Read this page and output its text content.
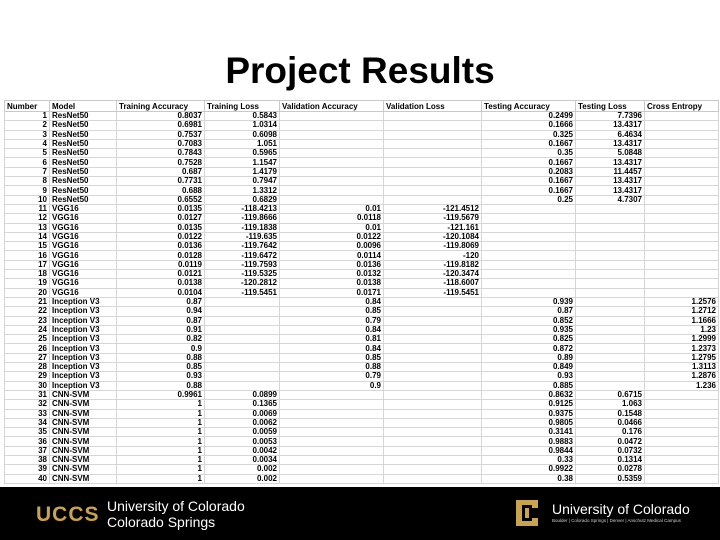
Project Results
Number	Model	Training Accuracy	Training Loss	Validation Accuracy	Validation Loss	Testing Accuracy	Testing Loss	Cross Entropy
1	ResNet50	0.8037	0.5843			0.2499	7.7396	
2	ResNet50	0.6981	1.0314			0.1666	13.4317	
3	ResNet50	0.7537	0.6098			0.325	6.4634	
4	ResNet50	0.7083	1.051			0.1667	13.4317	
5	ResNet50	0.7843	0.5965			0.35	5.0848	
6	ResNet50	0.7528	1.1547			0.1667	13.4317	
7	ResNet50	0.687	1.4179			0.2083	11.4457	
8	ResNet50	0.7731	0.7947			0.1667	13.4317	
9	ResNet50	0.688	1.3312			0.1667	13.4317	
10	ResNet50	0.6552	0.6829			0.25	4.7307	
11	VGG16	0.0135	-118.4213	0.01	-121.4512			
12	VGG16	0.0127	-119.8666	0.0118	-119.5679			
13	VGG16	0.0135	-119.1838	0.01	-121.161			
14	VGG16	0.0122	-119.635	0.0122	-120.1084			
15	VGG16	0.0136	-119.7642	0.0096	-119.8069			
16	VGG16	0.0128	-119.6472	0.0114	-120			
17	VGG16	0.0119	-119.7593	0.0136	-119.8182			
18	VGG16	0.0121	-119.5325	0.0132	-120.3474			
19	VGG16	0.0138	-120.2812	0.0138	-118.6007			
20	VGG16	0.0104	-119.5451	0.0171	-119.5451			
21	Inception V3	0.87		0.84		0.939		1.2576
22	Inception V3	0.94		0.85		0.87		1.2712
23	Inception V3	0.87		0.79		0.852		1.1666
24	Inception V3	0.91		0.84		0.935		1.23
25	Inception V3	0.82		0.81		0.825		1.2999
26	Inception V3	0.9		0.84		0.872		1.2373
27	Inception V3	0.88		0.85		0.89		1.2795
28	Inception V3	0.85		0.88		0.849		1.3113
29	Inception V3	0.93		0.79		0.93		1.2876
30	Inception V3	0.88		0.9		0.885		1.236
31	CNN-SVM	0.9961	0.0899			0.8632	0.6715	
32	CNN-SVM	1	0.1365			0.9125	1.063	
33	CNN-SVM	1	0.0069			0.9375	0.1548	
34	CNN-SVM	1	0.0062			0.9805	0.0466	
35	CNN-SVM	1	0.0059			0.3141	0.176	
36	CNN-SVM	1	0.0053			0.9883	0.0472	
37	CNN-SVM	1	0.0042			0.9844	0.0732	
38	CNN-SVM	1	0.0034			0.33	0.1314	
39	CNN-SVM	1	0.002			0.9922	0.0278	
40	CNN-SVM	1	0.002			0.38	0.5359	
UCCS University of Colorado
Colorado Springs
University of Colorado
Boulder | Colorado Springs | Denver | Anschutz Medical Campus
